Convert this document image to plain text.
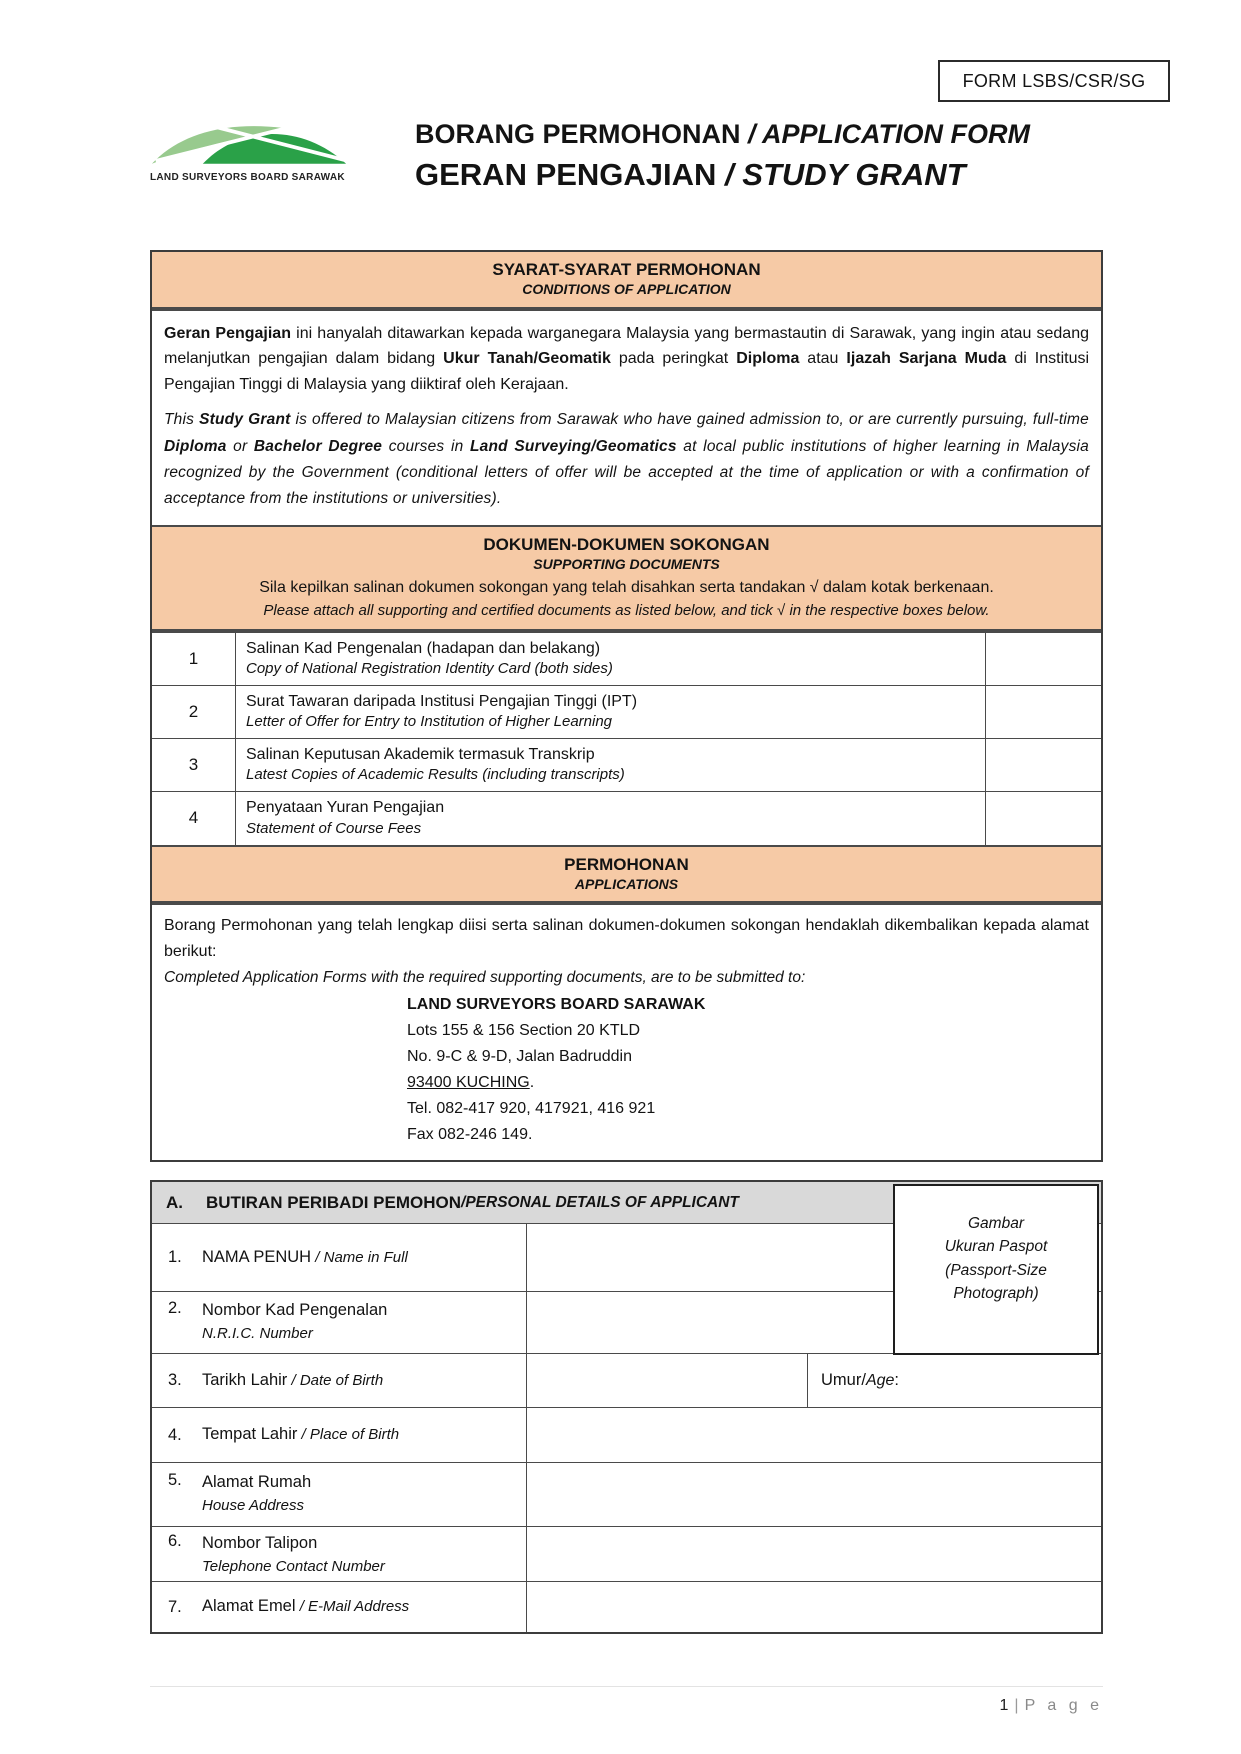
FORM LSBS/CSR/SG
LAND SURVEYORS BOARD SARAWAK
BORANG PERMOHONAN / APPLICATION FORM
GERAN PENGAJIAN / STUDY GRANT
SYARAT-SYARAT PERMOHONAN
CONDITIONS OF APPLICATION

Geran Pengajian ini hanyalah ditawarkan kepada warganegara Malaysia yang bermastautin di Sarawak, yang ingin atau sedang melanjutkan pengajian dalam bidang Ukur Tanah/Geomatik pada peringkat Diploma atau Ijazah Sarjana Muda di Institusi Pengajian Tinggi di Malaysia yang diiktiraf oleh Kerajaan.

This Study Grant is offered to Malaysian citizens from Sarawak who have gained admission to, or are currently pursuing, full-time Diploma or Bachelor Degree courses in Land Surveying/Geomatics at local public institutions of higher learning in Malaysia recognized by the Government (conditional letters of offer will be accepted at the time of application or with a confirmation of acceptance from the institutions or universities).

DOKUMEN-DOKUMEN SOKONGAN
SUPPORTING DOCUMENTS
Sila kepilkan salinan dokumen sokongan yang telah disahkan serta tandakan √ dalam kotak berkenaan.
Please attach all supporting and certified documents as listed below, and tick √ in the respective boxes below.
1
Salinan Kad Pengenalan (hadapan dan belakang)
Copy of National Registration Identity Card (both sides)
2
Surat Tawaran daripada Institusi Pengajian Tinggi (IPT)
Letter of Offer for Entry to Institution of Higher Learning
3
Salinan Keputusan Akademik termasuk Transkrip
Latest Copies of Academic Results (including transcripts)
4
Penyataan Yuran Pengajian
Statement of Course Fees
PERMOHONAN
APPLICATIONS

Borang Permohonan yang telah lengkap diisi serta salinan dokumen-dokumen sokongan hendaklah dikembalikan kepada alamat berikut:

Completed Application Forms with the required supporting documents, are to be submitted to:

LAND SURVEYORS BOARD SARAWAK
Lots 155 & 156 Section 20 KTLD
No. 9-C & 9-D, Jalan Badruddin
93400 KUCHING.
Tel. 082-417 920, 417921, 416 921
Fax 082-246 149.
Gambar
Ukuran Paspot
(Passport-Size
Photograph)
A.	BUTIRAN PERIBADI PEMOHON / PERSONAL DETAILS OF APPLICANT
1.	NAMA PENUH / Name in Full
2.	Nombor Kad Pengenalan
N.R.I.C. Number
3.	Tarikh Lahir / Date of Birth	Umur / Age :
4.	Tempat Lahir / Place of Birth
5.	Alamat Rumah
House Address
6.	Nombor Talipon
Telephone Contact Number
7.	Alamat Emel / E-Mail Address
1 | P a g e
